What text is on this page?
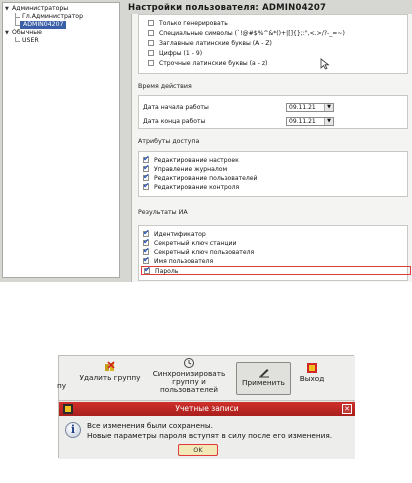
▼ Администраторы
Гл.Администратор
ADMIN04207
▼ Обычные
USER
Настройки пользователя: ADMIN04207
Только генерировать
Специальные символы (`!@#$%^&*()+|[]{};:",<.>/?-_=~)
Заглавные латинские буквы (A - Z)
Цифры (1 - 9)
Строчные латинские буквы (a - z)
Время действия
Дата начала работы	09.11.21	▼
Дата конца работы	09.11.21	▼
Атрибуты доступа
✔Редактирование настроек
✔Управление журналом
✔Редактирование пользователей
✔Редактирование контроля
Результаты ИА
✔Идентификатор
✔Секретный ключ станции
✔Секретный ключ пользователя
✔Имя пользователя
✔Пароль
пу
Удалить группу	Синхронизировать группу и пользователей
Применить	Выход
Учетные записи	✕
i	Все изменения были сохранены.
Новые параметры пароля вступят в силу после его изменения.
OK
